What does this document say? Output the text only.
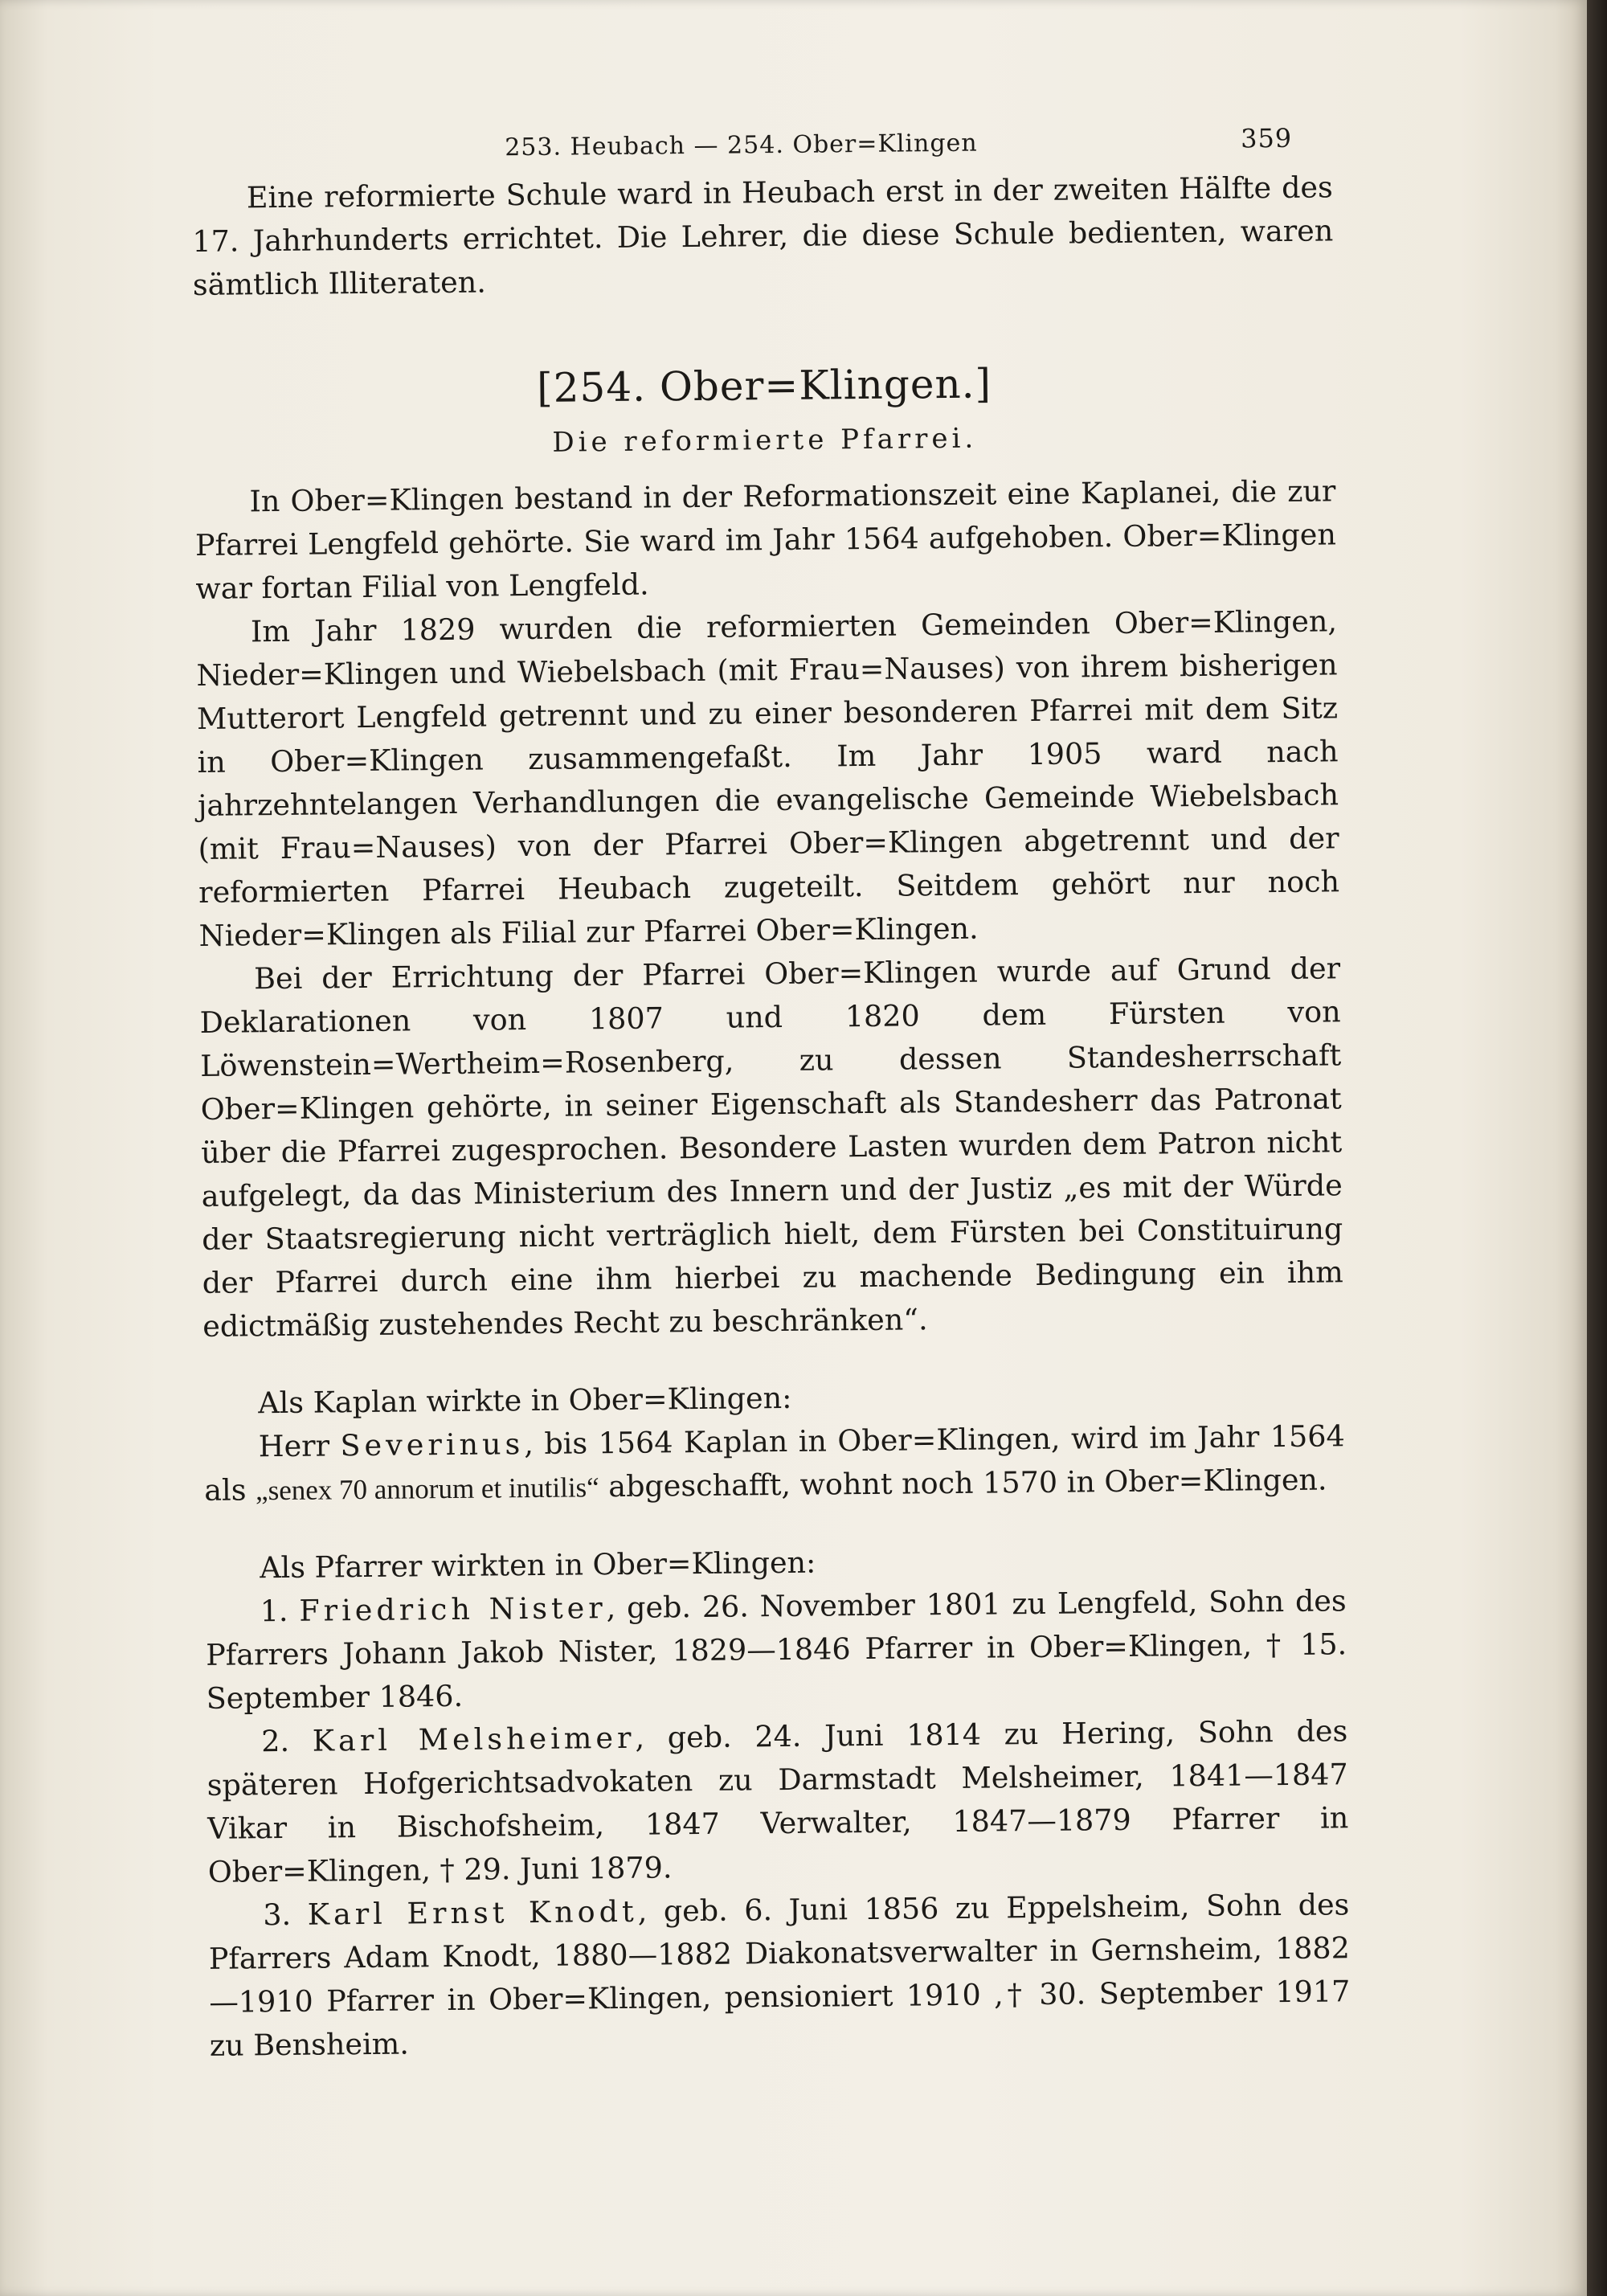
253. Heubach — 254. Ober=Klingen	359

Eine reformierte Schule ward in Heubach erst in der zweiten Hälfte des 17. Jahrhunderts errichtet. Die Lehrer, die diese Schule bedienten, waren sämtlich Illiteraten.

[254. Ober=Klingen.]
Die reformierte Pfarrei.

In Ober=Klingen bestand in der Reformationszeit eine Kaplanei, die zur Pfarrei Lengfeld gehörte. Sie ward im Jahr 1564 aufgehoben. Ober=Klingen war fortan Filial von Lengfeld.

Im Jahr 1829 wurden die reformierten Gemeinden Ober=Klingen, Nieder=Klingen und Wiebelsbach (mit Frau=Nauses) von ihrem bisherigen Mutterort Lengfeld getrennt und zu einer besonderen Pfarrei mit dem Sitz in Ober=Klingen zusammengefaßt. Im Jahr 1905 ward nach jahrzehntelangen Verhandlungen die evangelische Gemeinde Wiebelsbach (mit Frau=Nauses) von der Pfarrei Ober=Klingen abgetrennt und der reformierten Pfarrei Heubach zugeteilt. Seitdem gehört nur noch Nieder=Klingen als Filial zur Pfarrei Ober=Klingen.

Bei der Errichtung der Pfarrei Ober=Klingen wurde auf Grund der Deklarationen von 1807 und 1820 dem Fürsten von Löwenstein=Wertheim=Rosenberg, zu dessen Standesherrschaft Ober=Klingen gehörte, in seiner Eigenschaft als Standesherr das Patronat über die Pfarrei zugesprochen. Besondere Lasten wurden dem Patron nicht aufgelegt, da das Ministerium des Innern und der Justiz „es mit der Würde der Staatsregierung nicht verträglich hielt, dem Fürsten bei Constituirung der Pfarrei durch eine ihm hierbei zu machende Bedingung ein ihm edictmäßig zustehendes Recht zu beschränken“.

Als Kaplan wirkte in Ober=Klingen:

Herr Severinus, bis 1564 Kaplan in Ober=Klingen, wird im Jahr 1564 als „senex 70 annorum et inutilis“ abgeschafft, wohnt noch 1570 in Ober=Klingen.

Als Pfarrer wirkten in Ober=Klingen:

1. Friedrich Nister, geb. 26. November 1801 zu Lengfeld, Sohn des Pfarrers Johann Jakob Nister, 1829—1846 Pfarrer in Ober=Klingen, † 15. September 1846.

2. Karl Melsheimer, geb. 24. Juni 1814 zu Hering, Sohn des späteren Hofgerichtsadvokaten zu Darmstadt Melsheimer, 1841—1847 Vikar in Bischofsheim, 1847 Verwalter, 1847—1879 Pfarrer in Ober=Klingen, † 29. Juni 1879.

3. Karl Ernst Knodt, geb. 6. Juni 1856 zu Eppelsheim, Sohn des Pfarrers Adam Knodt, 1880—1882 Diakonatsverwalter in Gernsheim, 1882—1910 Pfarrer in Ober=Klingen, pensioniert 1910 ,† 30. September 1917 zu Bensheim.
